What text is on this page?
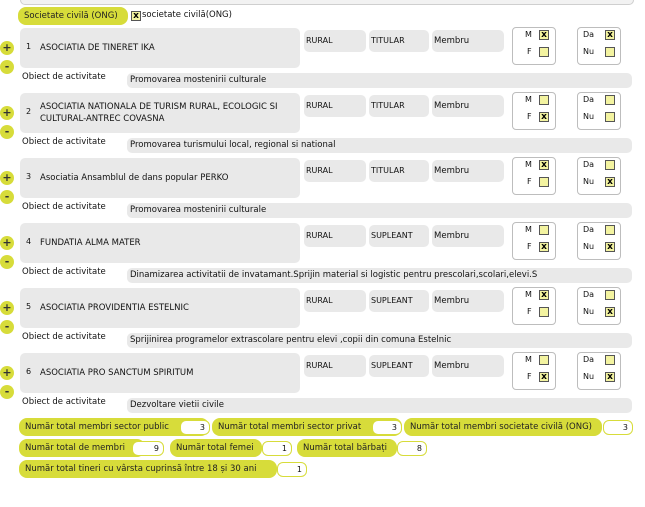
Societate civilă (ONG)	x societate civilă(ONG)
+
-
1 ASOCIATIA DE TINERET IKA
RURAL	TITULAR	Membru
M x
F
Da x
Nu
Obiect de activitate	Promovarea mostenirii culturale
+
-
2 ASOCIATIA NATIONALA DE TURISM RURAL, ECOLOGIC SI CULTURAL-ANTREC COVASNA
RURAL	TITULAR	Membru
M
F x
Da
Nu
Obiect de activitate	Promovarea turismului local, regional si national
+
-
3 Asociatia Ansamblul de dans popular PERKO
RURAL	TITULAR	Membru
M x
F
Da
Nu x
Obiect de activitate	Promovarea mostenirii culturale
+
-
4 FUNDATIA ALMA MATER
RURAL	SUPLEANT	Membru
M
F x
Da
Nu x
Obiect de activitate	Dinamizarea activitatii de invatamant.Sprijin material si logistic pentru prescolari,scolari,elevi.S
+
-
5 ASOCIATIA PROVIDENTIA ESTELNIC
RURAL	SUPLEANT	Membru
M x
F
Da
Nu x
Obiect de activitate	Sprijinirea programelor extrascolare pentru elevi ,copii din comuna Estelnic
+
-
6 ASOCIATIA PRO SANCTUM SPIRITUM
RURAL	SUPLEANT	Membru
M
F x
Da
Nu x
Obiect de activitate	Dezvoltare vietii civile
Număr total membri sector public	3	Număr total membri sector privat	3	Număr total membri societate civilă (ONG)	3
Număr total de membri	9	Număr total femei	1	Număr total bărbați	8
Număr total tineri cu vârsta cuprinsă între 18 și 30 ani	1
